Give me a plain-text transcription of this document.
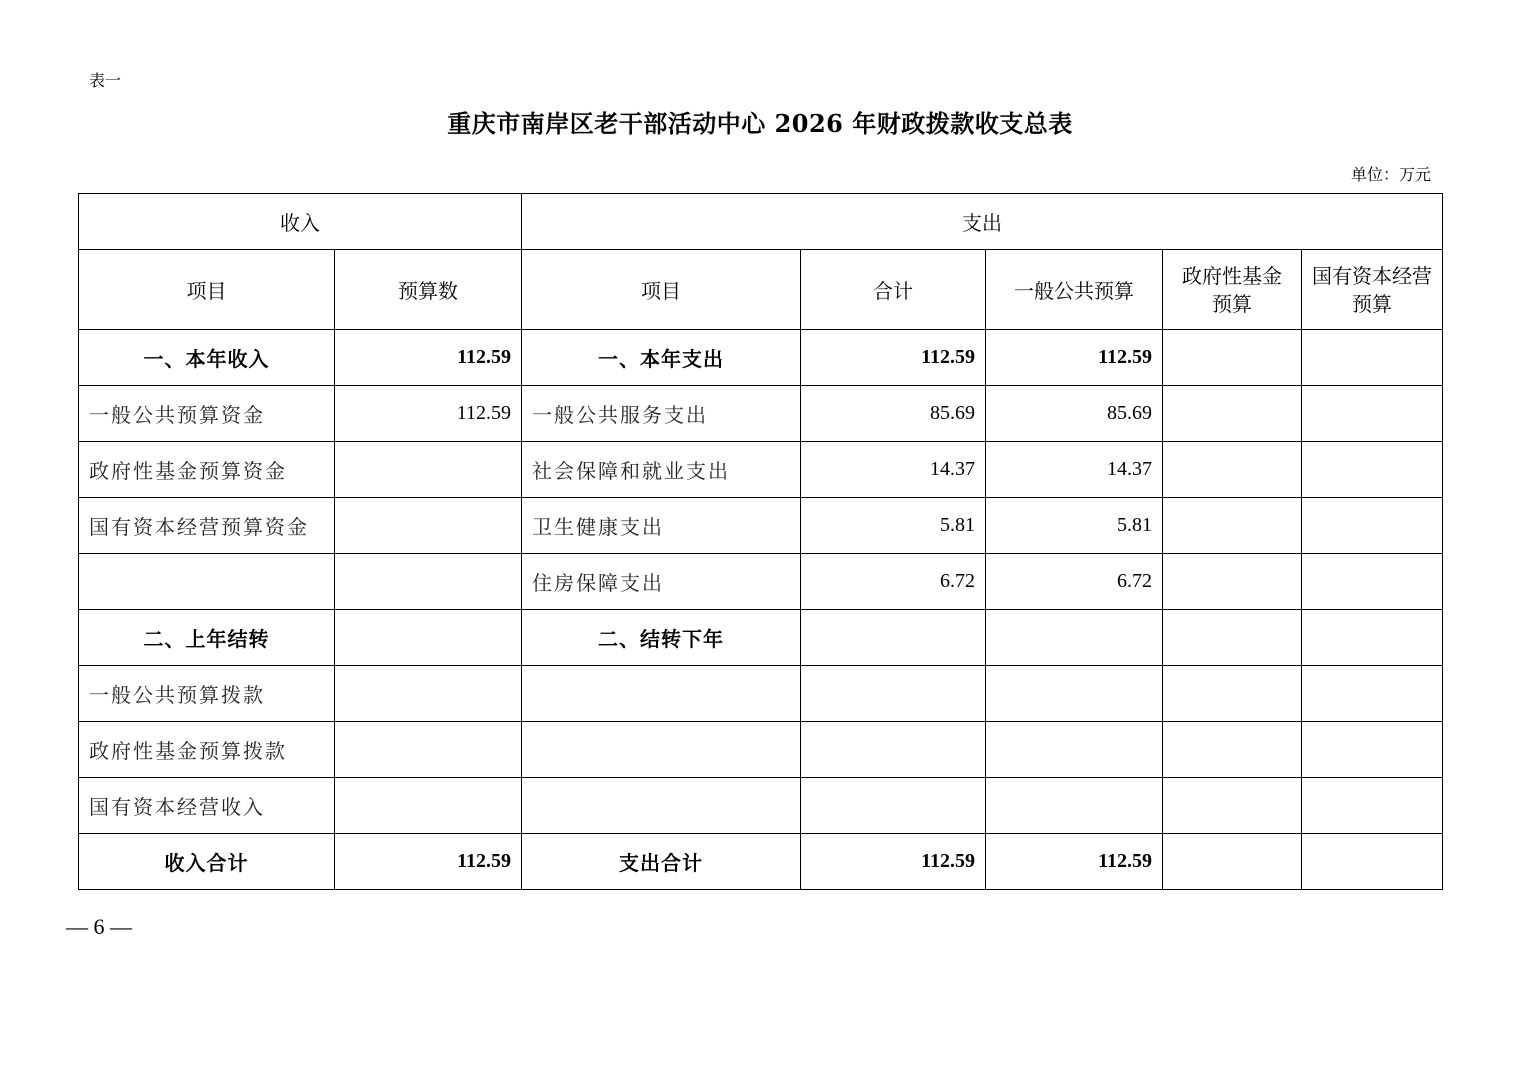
表一
重庆市南岸区老干部活动中心 2026 年财政拨款收支总表
单位：万元
收入		支出				
项目	预算数	项目	合计	一般公共预算	政府性基金预算	国有资本经营预算
一、本年收入	112.59	一、本年支出	112.59	112.59		
一般公共预算资金	112.59	一般公共服务支出	85.69	85.69		
政府性基金预算资金		社会保障和就业支出	14.37	14.37		
国有资本经营预算资金		卫生健康支出	5.81	5.81		
		住房保障支出	6.72	6.72		
二、上年结转		二、结转下年				
一般公共预算拨款						
政府性基金预算拨款						
国有资本经营收入						
收入合计	112.59	支出合计	112.59	112.59		
— 6 —
